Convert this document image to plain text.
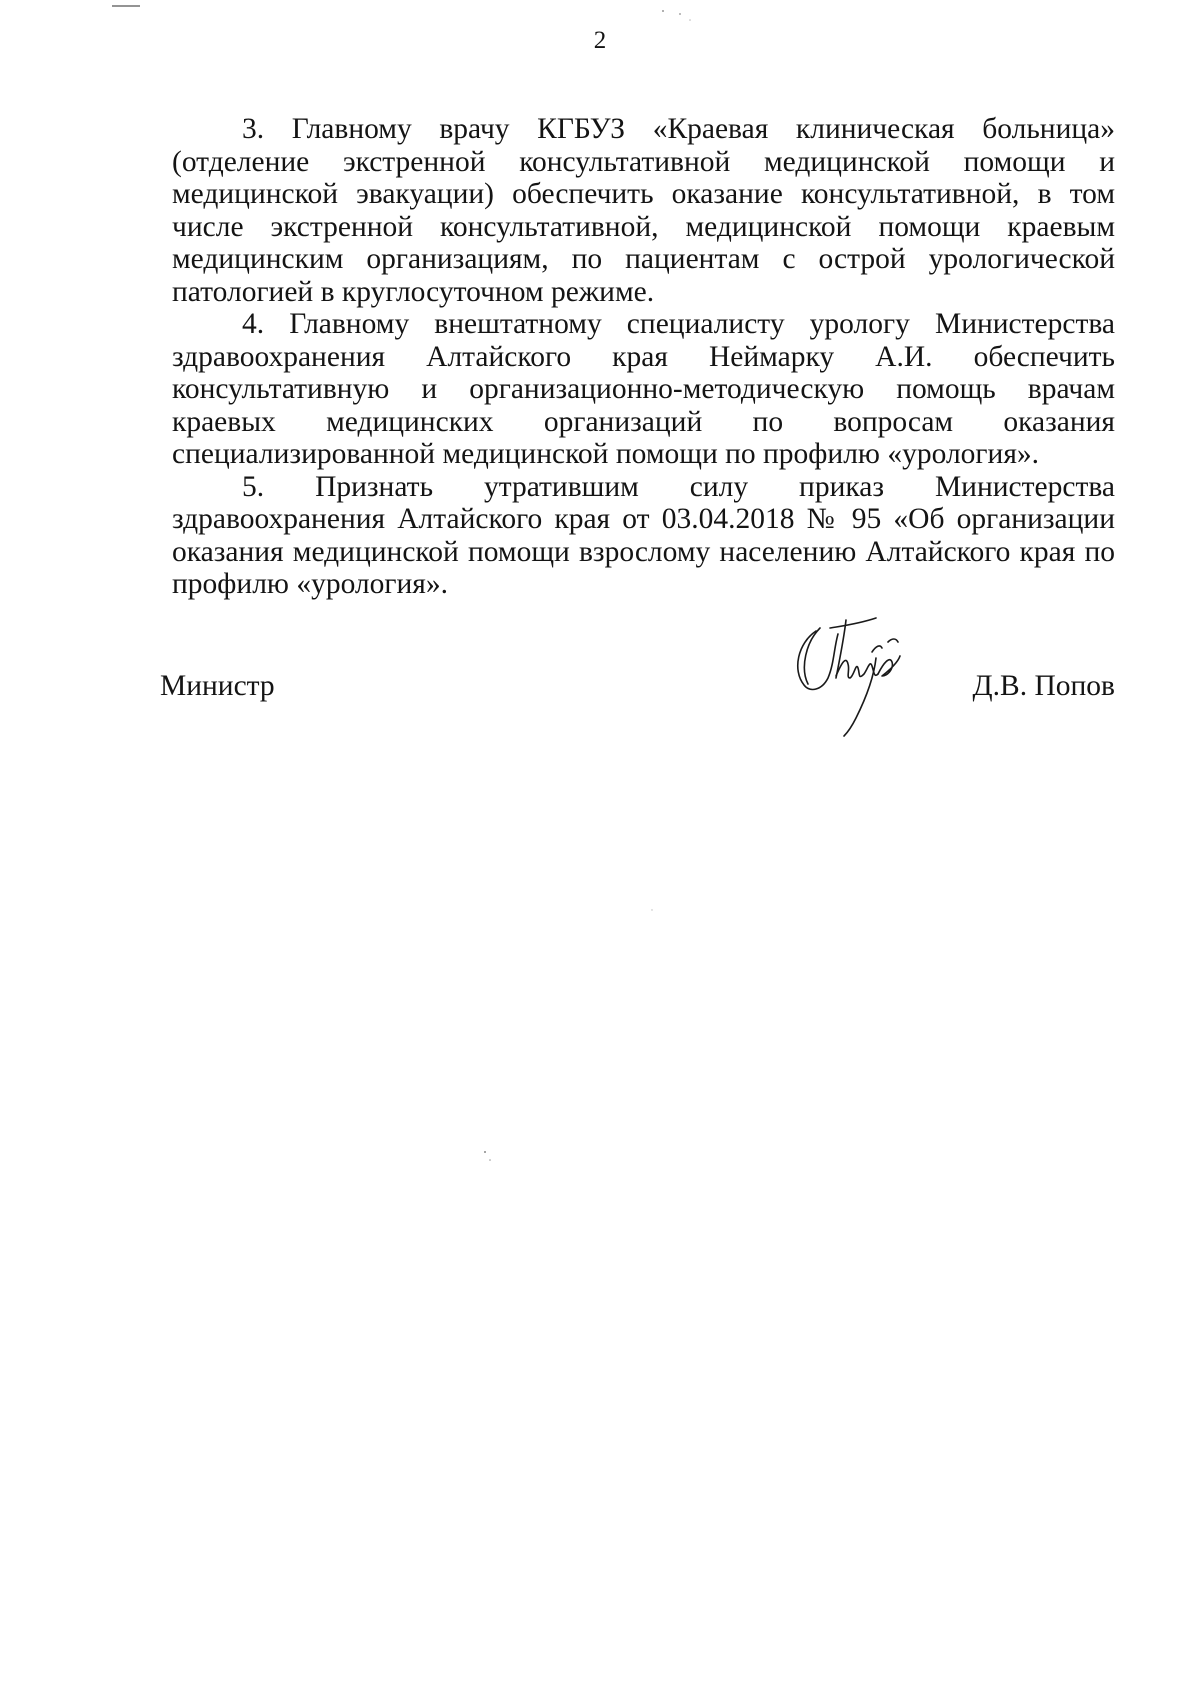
2

3. Главному врачу КГБУЗ «Краевая клиническая больница» (отделение экстренной консультативной медицинской помощи и медицинской эвакуации) обеспечить оказание консультативной, в том числе экстренной консультативной, медицинской помощи краевым медицинским организациям, по пациентам с острой урологической патологией в круглосуточном режиме.

4. Главному внештатному специалисту урологу Министерства здравоохранения Алтайского края Неймарку А.И. обеспечить консультативную и организационно-методическую помощь врачам краевых медицинских организаций по вопросам оказания специализированной медицинской помощи по профилю «урология».

5. Признать утратившим силу приказ Министерства здравоохранения Алтайского края от 03.04.2018 № 95 «Об организации оказания медицинской помощи взрослому населению Алтайского края по профилю «урология».

Министр	Д.В. Попов
